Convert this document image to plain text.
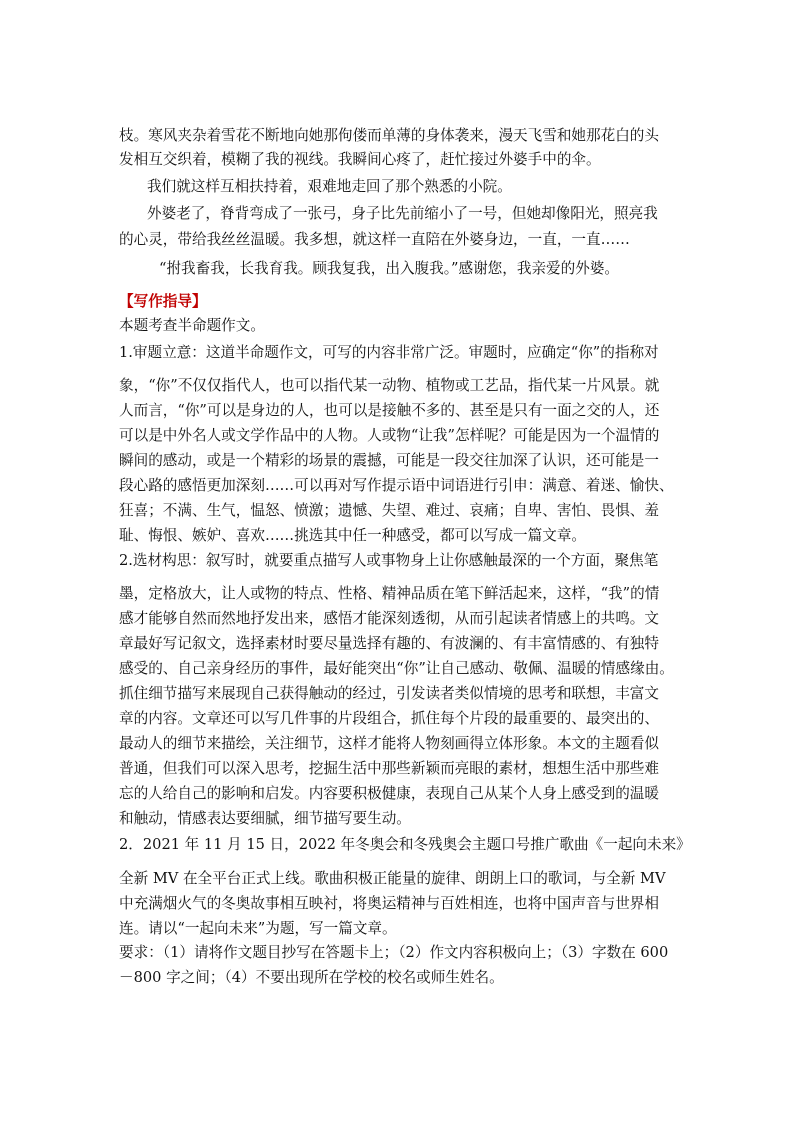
枝。寒风夹杂着雪花不断地向她那佝偻而单薄的身体袭来，漫天飞雪和她那花白的头
发相互交织着，模糊了我的视线。我瞬间心疼了，赶忙接过外婆手中的伞。
我们就这样互相扶持着，艰难地走回了那个熟悉的小院。
外婆老了，脊背弯成了一张弓，身子比先前缩小了一号，但她却像阳光，照亮我
的心灵，带给我丝丝温暖。我多想，就这样一直陪在外婆身边，一直，一直……
“拊我畜我，长我育我。顾我复我，出入腹我。”感谢您，我亲爱的外婆。
【写作指导】
本题考查半命题作文。
1.审题立意：这道半命题作文，可写的内容非常广泛。审题时，应确定“你”的指称对
象，“你”不仅仅指代人，也可以指代某一动物、植物或工艺品，指代某一片风景。就
人而言，“你”可以是身边的人，也可以是接触不多的、甚至是只有一面之交的人，还
可以是中外名人或文学作品中的人物。人或物“让我”怎样呢？可能是因为一个温情的
瞬间的感动，或是一个精彩的场景的震撼，可能是一段交往加深了认识，还可能是一
段心路的感悟更加深刻……可以再对写作提示语中词语进行引申：满意、着迷、愉快、
狂喜；不满、生气，愠怒、愤激；遗憾、失望、难过、哀痛；自卑、害怕、畏惧、羞
耻、悔恨、嫉妒、喜欢……挑选其中任一种感受，都可以写成一篇文章。
2.选材构思：叙写时，就要重点描写人或事物身上让你感触最深的一个方面，聚焦笔
墨，定格放大，让人或物的特点、性格、精神品质在笔下鲜活起来，这样，“我”的情
感才能够自然而然地抒发出来，感悟才能深刻透彻，从而引起读者情感上的共鸣。文
章最好写记叙文，选择素材时要尽量选择有趣的、有波澜的、有丰富情感的、有独特
感受的、自己亲身经历的事件，最好能突出“你”让自己感动、敬佩、温暖的情感缘由。
抓住细节描写来展现自己获得触动的经过，引发读者类似情境的思考和联想，丰富文
章的内容。文章还可以写几件事的片段组合，抓住每个片段的最重要的、最突出的、
最动人的细节来描绘，关注细节，这样才能将人物刻画得立体形象。本文的主题看似
普通，但我们可以深入思考，挖掘生活中那些新颖而亮眼的素材，想想生活中那些难
忘的人给自己的影响和启发。内容要积极健康，表现自己从某个人身上感受到的温暖
和触动，情感表达要细腻，细节描写要生动。
2．2021 年 11 月 15 日，2022 年冬奥会和冬残奥会主题口号推广歌曲《一起向未来》
全新 MV 在全平台正式上线。歌曲积极正能量的旋律、朗朗上口的歌词，与全新 MV
中充满烟火气的冬奥故事相互映衬，将奥运精神与百姓相连，也将中国声音与世界相
连。请以“一起向未来”为题，写一篇文章。
要求：（1）请将作文题目抄写在答题卡上；（2）作文内容积极向上；（3）字数在 600
－800 字之间；（4）不要出现所在学校的校名或师生姓名。
